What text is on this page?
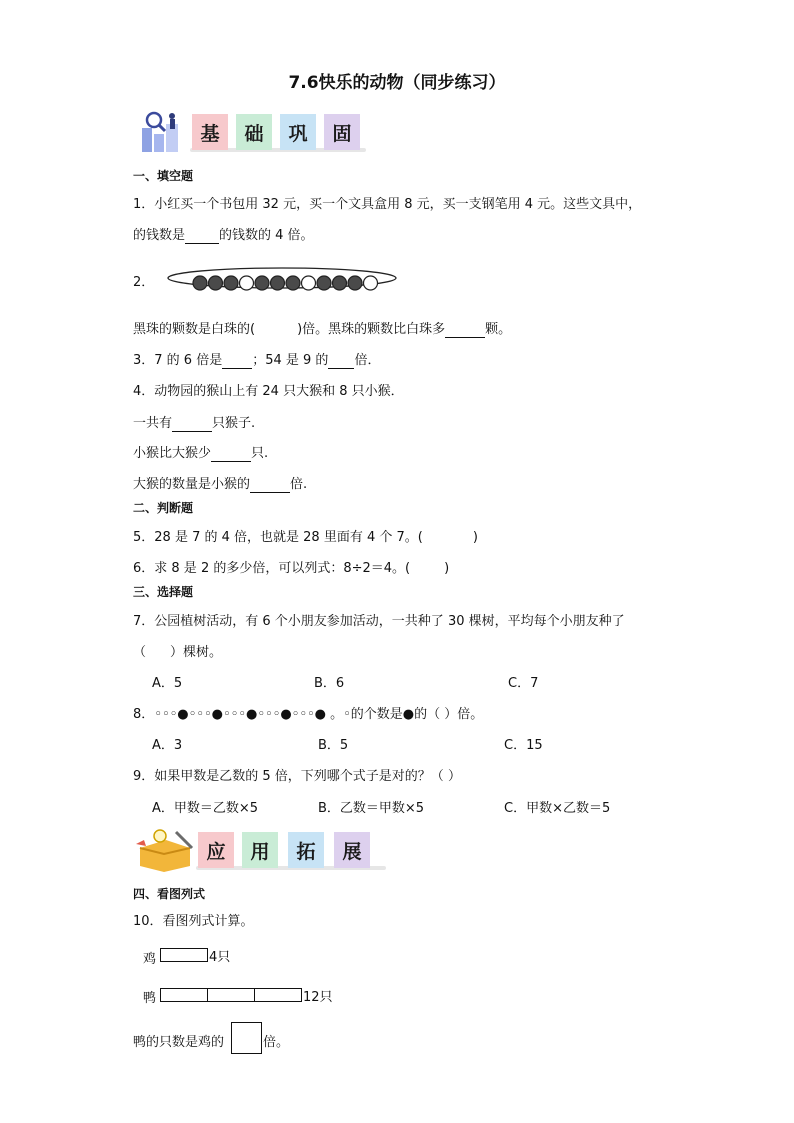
7.6快乐的动物（同步练习）
基	础	巩	固
一、填空题
1．小红买一个书包用 32 元，买一个文具盒用 8 元，买一支钢笔用 4 元。这些文具中，
的钱数是	的钱数的 4 倍。
2．
黑珠的颗数是白珠的(	)倍。黑珠的颗数比白珠多	颗。
3．7 的 6 倍是 ；54 是 9 的 倍．
4．动物园的猴山上有 24 只大猴和 8 只小猴．
一共有	只猴子.
小猴比大猴少	只.
大猴的数量是小猴的	倍.
二、判断题
5．28 是 7 的 4 倍，也就是 28 里面有 4 个 7。(	)
6．求 8 是 2 的多少倍，可以列式：8÷2＝4。(	)
三、选择题
7．公园植树活动，有 6 个小朋友参加活动，一共种了 30 棵树，平均每个小朋友种了
（ ）棵树。
A．5	B．6	C．7
8．◦◦◦●◦◦◦●◦◦◦●◦◦◦●◦◦◦● 。◦的个数是●的（ ）倍。
A．3	B．5	C．15
9．如果甲数是乙数的 5 倍，下列哪个式子是对的？（ ）
A．甲数＝乙数×5	B．乙数＝甲数×5	C．甲数×乙数＝5
应	用	拓	展
四、看图列式
10．看图列式计算。
鸡	4只
鸭	12只
鸭的只数是鸡的	倍。
